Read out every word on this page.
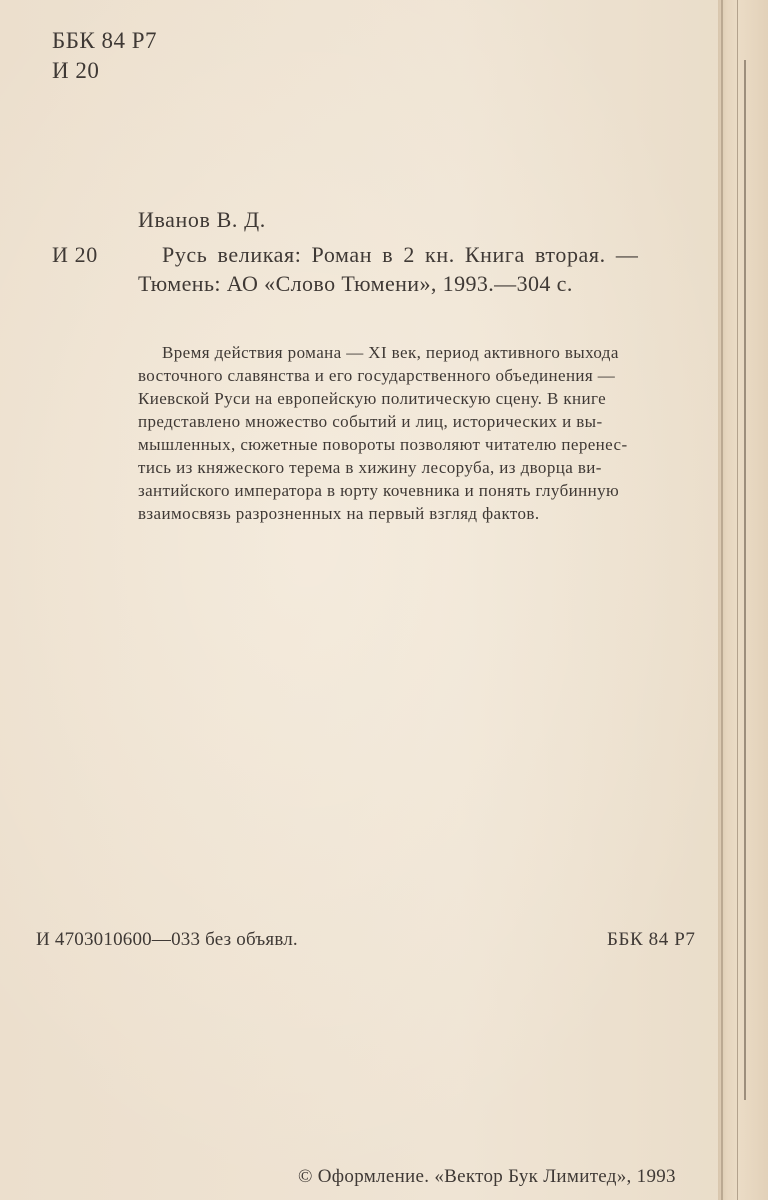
ББК 84 Р7
И 20
Иванов В. Д.
И 20	Русь великая: Роман в 2 кн. Книга вторая. —
Тюмень: АО «Слово Тюмени», 1993.—304 с.
Время действия романа — XI век, период активного выхода
восточного славянства и его государственного объединения —
Киевской Руси на европейскую политическую сцену. В книге
представлено множество событий и лиц, исторических и вы-
мышленных, сюжетные повороты позволяют читателю перенес-
тись из княжеского терема в хижину лесоруба, из дворца ви-
зантийского императора в юрту кочевника и понять глубинную
взаимосвязь разрозненных на первый взгляд фактов.
И 4703010600—033 без объявл.	ББК 84 Р7
© Оформление. «Вектор Бук Лимитед», 1993
